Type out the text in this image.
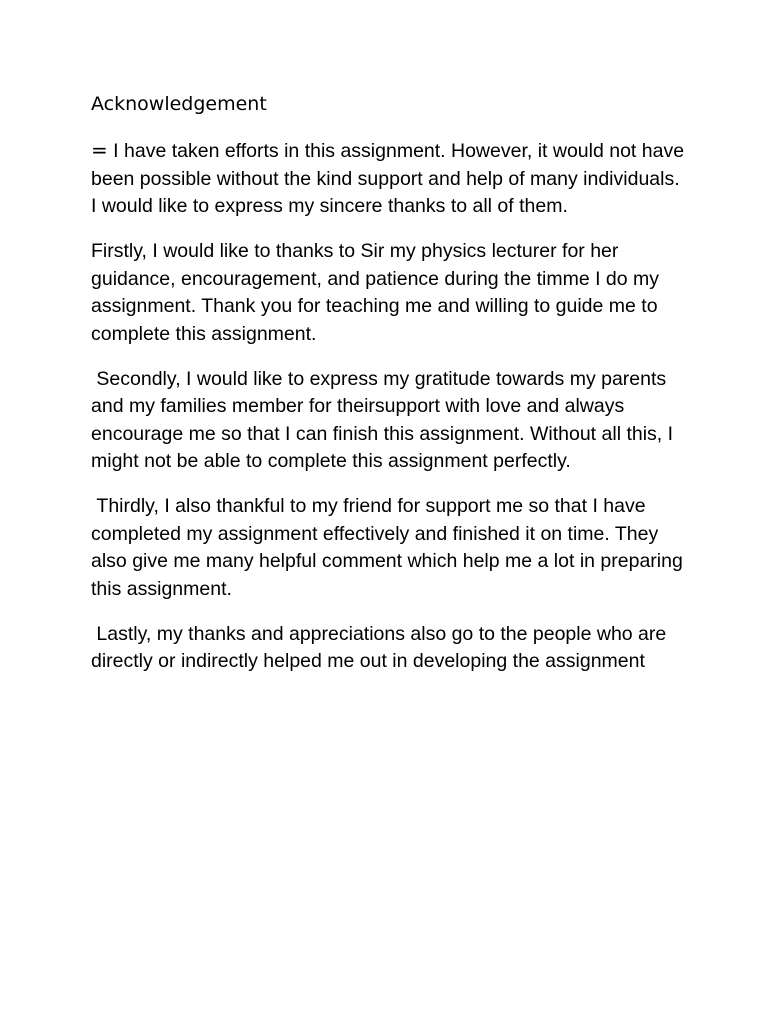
Acknowledgement

= I have taken efforts in this assignment. However, it would not have been possible without the kind support and help of many individuals. I would like to express my sincere thanks to all of them.

Firstly, I would like to thanks to Sir my physics lecturer for her guidance, encouragement, and patience during the timme I do my assignment. Thank you for teaching me and willing to guide me to complete this assignment.

Secondly, I would like to express my gratitude towards my parents and my families member for theirsupport with love and always encourage me so that I can finish this assignment. Without all this, I might not be able to complete this assignment perfectly.

Thirdly, I also thankful to my friend for support me so that I have completed my assignment effectively and finished it on time. They also give me many helpful comment which help me a lot in preparing this assignment.

Lastly, my thanks and appreciations also go to the people who are directly or indirectly helped me out in developing the assignment
